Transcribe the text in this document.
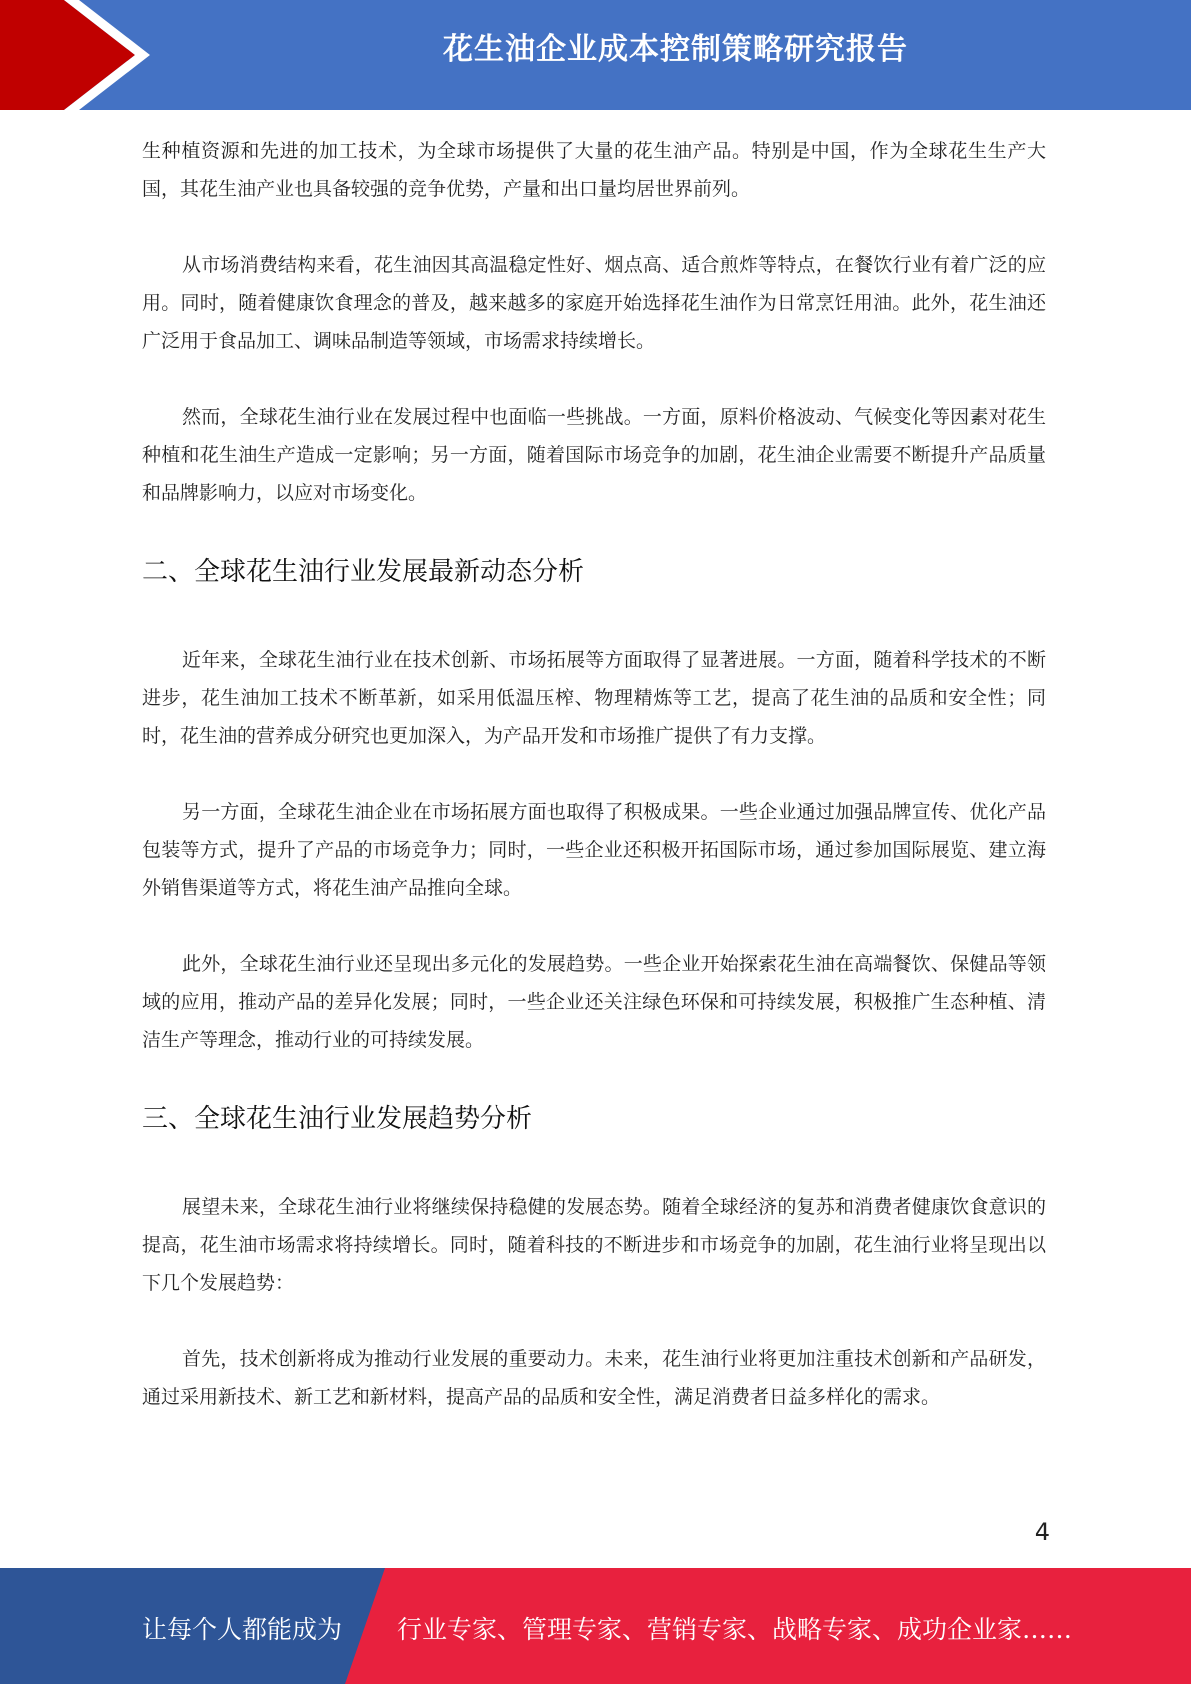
花生油企业成本控制策略研究报告

生种植资源和先进的加工技术，为全球市场提供了大量的花生油产品。特别是中国，作为全球花生生产大国，其花生油产业也具备较强的竞争优势，产量和出口量均居世界前列。

从市场消费结构来看，花生油因其高温稳定性好、烟点高、适合煎炸等特点，在餐饮行业有着广泛的应用。同时，随着健康饮食理念的普及，越来越多的家庭开始选择花生油作为日常烹饪用油。此外，花生油还广泛用于食品加工、调味品制造等领域，市场需求持续增长。

然而，全球花生油行业在发展过程中也面临一些挑战。一方面，原料价格波动、气候变化等因素对花生种植和花生油生产造成一定影响；另一方面，随着国际市场竞争的加剧，花生油企业需要不断提升产品质量和品牌影响力，以应对市场变化。

二、全球花生油行业发展最新动态分析

近年来，全球花生油行业在技术创新、市场拓展等方面取得了显著进展。一方面，随着科学技术的不断进步，花生油加工技术不断革新，如采用低温压榨、物理精炼等工艺，提高了花生油的品质和安全性；同时，花生油的营养成分研究也更加深入，为产品开发和市场推广提供了有力支撑。

另一方面，全球花生油企业在市场拓展方面也取得了积极成果。一些企业通过加强品牌宣传、优化产品包装等方式，提升了产品的市场竞争力；同时，一些企业还积极开拓国际市场，通过参加国际展览、建立海外销售渠道等方式，将花生油产品推向全球。

此外，全球花生油行业还呈现出多元化的发展趋势。一些企业开始探索花生油在高端餐饮、保健品等领域的应用，推动产品的差异化发展；同时，一些企业还关注绿色环保和可持续发展，积极推广生态种植、清洁生产等理念，推动行业的可持续发展。

三、全球花生油行业发展趋势分析

展望未来，全球花生油行业将继续保持稳健的发展态势。随着全球经济的复苏和消费者健康饮食意识的提高，花生油市场需求将持续增长。同时，随着科技的不断进步和市场竞争的加剧，花生油行业将呈现出以下几个发展趋势：

首先，技术创新将成为推动行业发展的重要动力。未来，花生油行业将更加注重技术创新和产品研发，通过采用新技术、新工艺和新材料，提高产品的品质和安全性，满足消费者日益多样化的需求。

4
让每个人都能成为 行业专家、管理专家、营销专家、战略专家、成功企业家……
